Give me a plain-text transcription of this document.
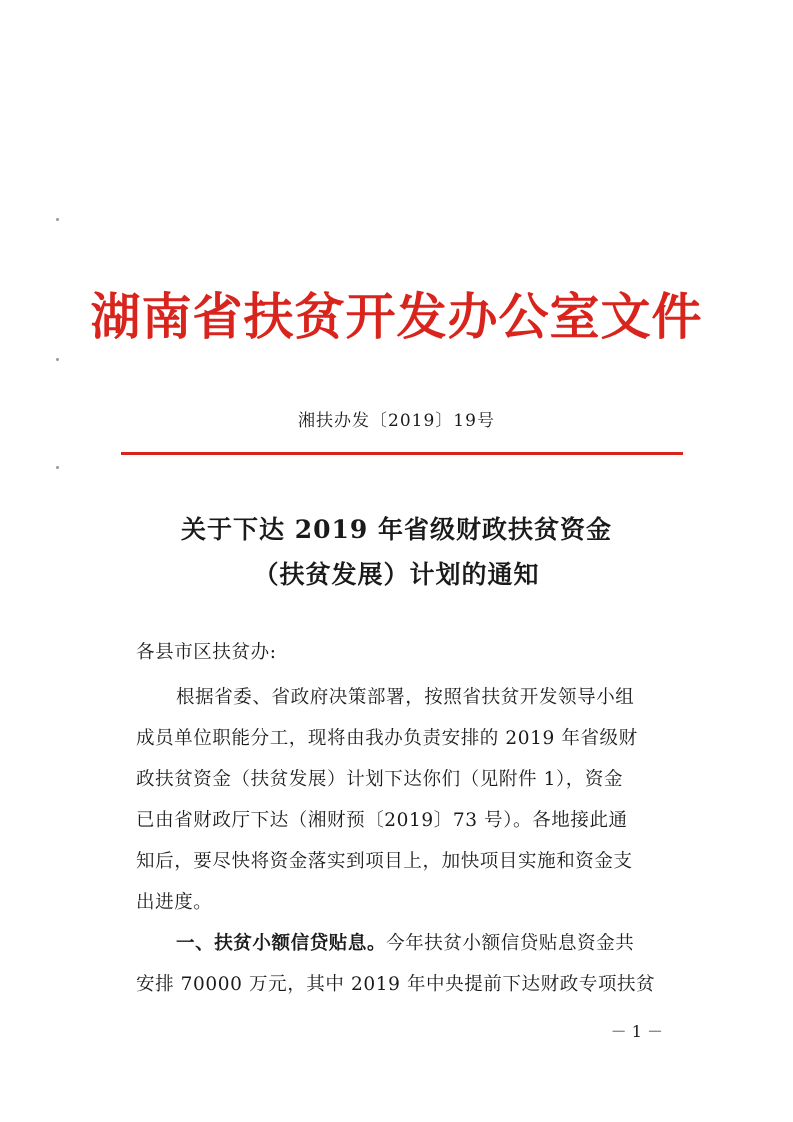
湖南省扶贫开发办公室文件
湘扶办发〔2019〕19号
关于下达 2019 年省级财政扶贫资金
（扶贫发展）计划的通知
各县市区扶贫办:
根据省委、省政府决策部署，按照省扶贫开发领导小组
成员单位职能分工，现将由我办负责安排的 2019 年省级财
政扶贫资金（扶贫发展）计划下达你们（见附件 1），资金
已由省财政厅下达（湘财预〔2019〕73 号）。各地接此通
知后，要尽快将资金落实到项目上，加快项目实施和资金支
出进度。
一、扶贫小额信贷贴息。今年扶贫小额信贷贴息资金共
安排 70000 万元，其中 2019 年中央提前下达财政专项扶贫
－ 1 －
